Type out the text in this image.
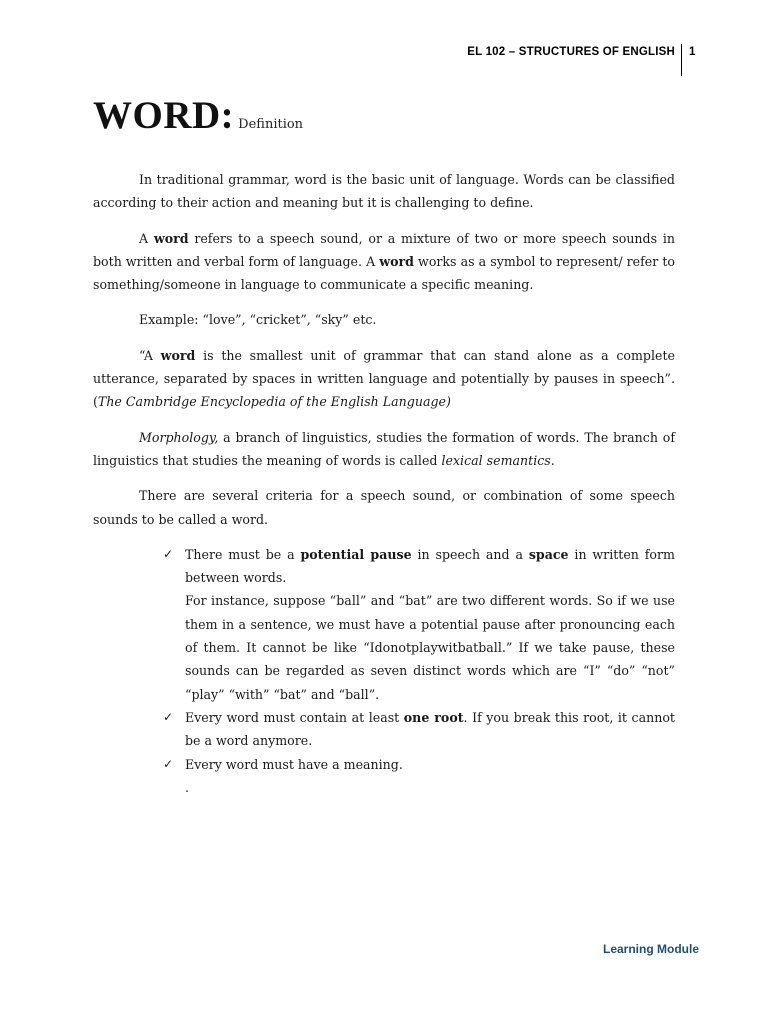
EL 102 – STRUCTURES OF ENGLISH 1
WORD: Definition

In traditional grammar, word is the basic unit of language. Words can be classified according to their action and meaning but it is challenging to define.

A word refers to a speech sound, or a mixture of two or more speech sounds in both written and verbal form of language. A word works as a symbol to represent/ refer to something/someone in language to communicate a specific meaning.

Example: “love”, “cricket”, “sky” etc.

“A word is the smallest unit of grammar that can stand alone as a complete utterance, separated by spaces in written language and potentially by pauses in speech”. (The Cambridge Encyclopedia of the English Language)

Morphology, a branch of linguistics, studies the formation of words. The branch of linguistics that studies the meaning of words is called lexical semantics.

There are several criteria for a speech sound, or combination of some speech sounds to be called a word.

✓ There must be a potential pause in speech and a space in written form between words.
For instance, suppose “ball” and “bat” are two different words. So if we use them in a sentence, we must have a potential pause after pronouncing each of them. It cannot be like “Idonotplaywitbatball.” If we take pause, these sounds can be regarded as seven distinct words which are “I” “do” “not” “play” “with” “bat” and “ball”.
✓ Every word must contain at least one root. If you break this root, it cannot be a word anymore.
✓ Every word must have a meaning.
.
Learning Module
